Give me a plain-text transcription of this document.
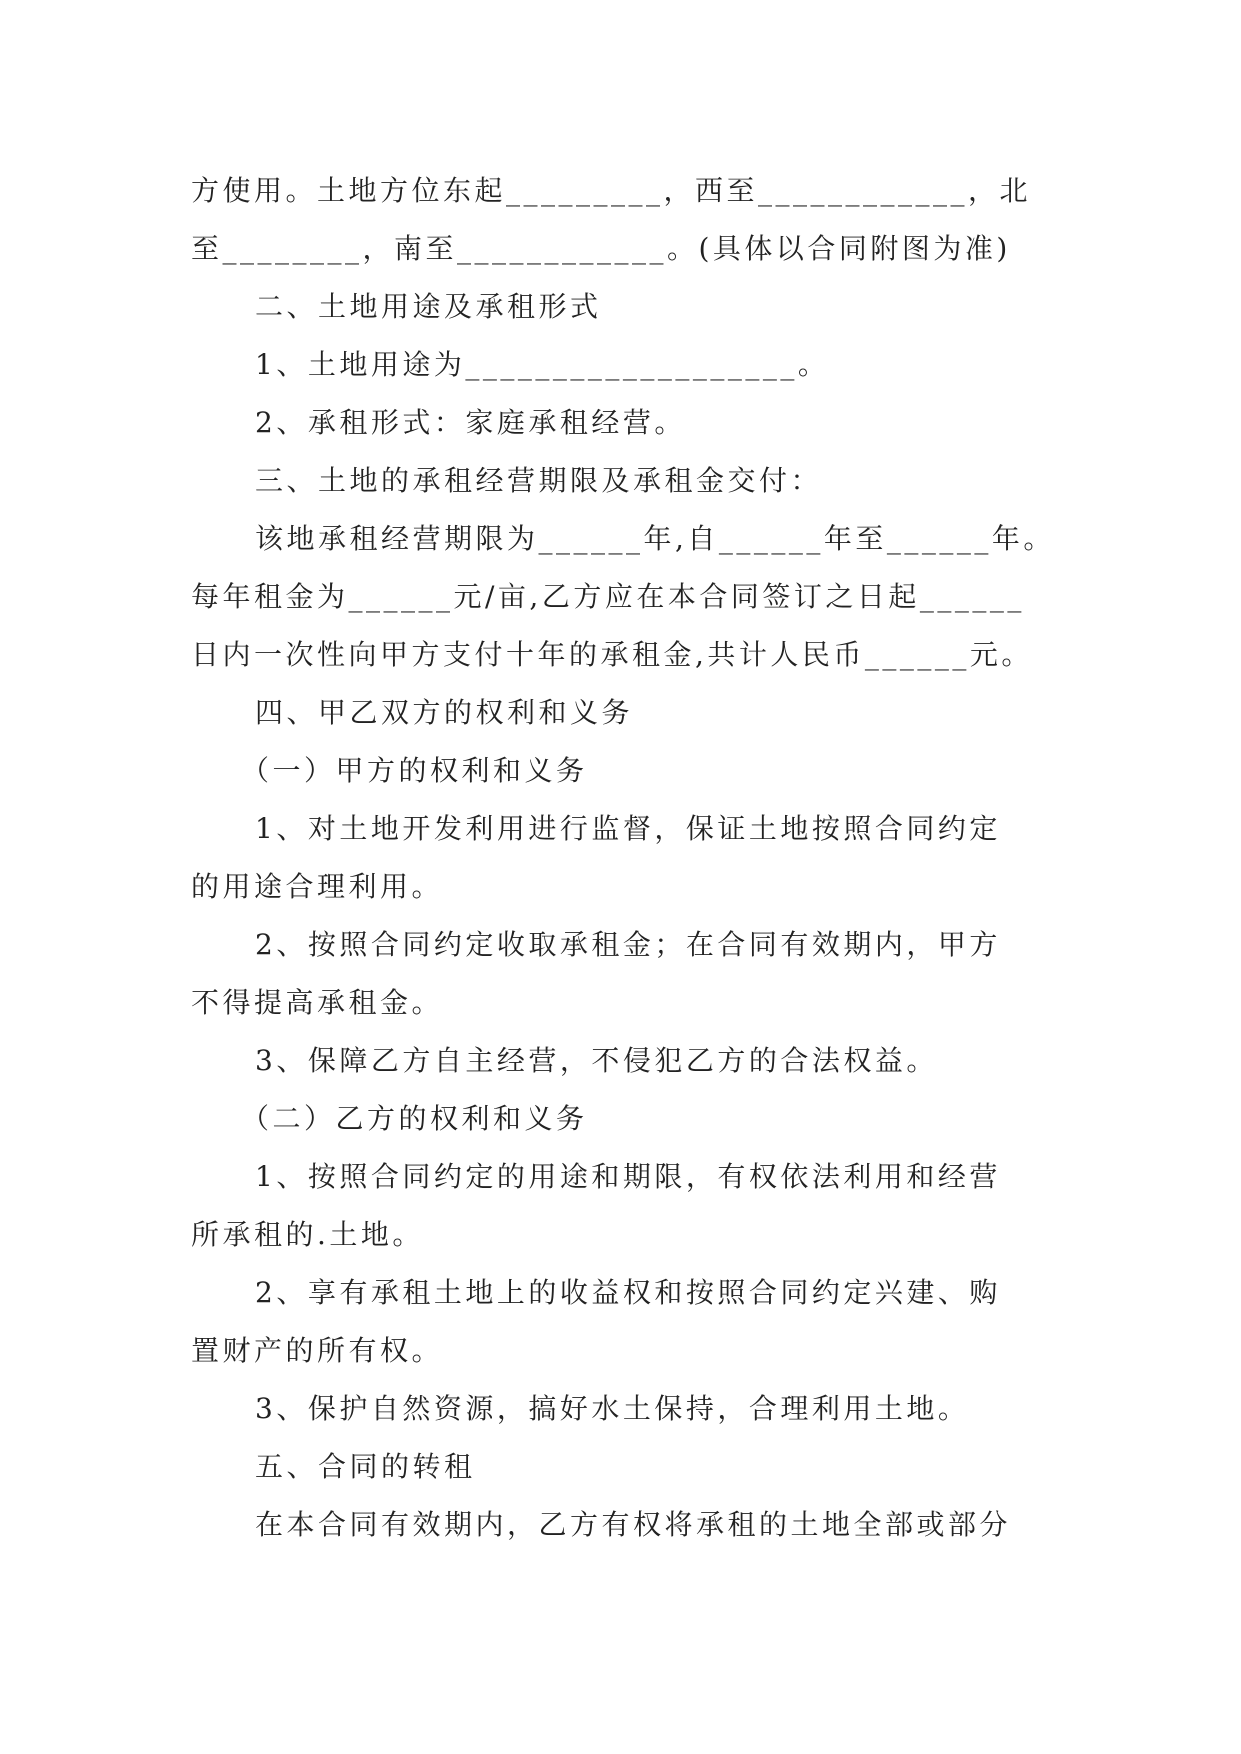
方使用。土地方位东起_________，西至____________，北
至________，南至____________。(具体以合同附图为准)
二、土地用途及承租形式
1、土地用途为___________________。
2、承租形式：家庭承租经营。
三、土地的承租经营期限及承租金交付：
该地承租经营期限为______年,自______年至______年。
每年租金为______元/亩,乙方应在本合同签订之日起______
日内一次性向甲方支付十年的承租金,共计人民币______元。
四、甲乙双方的权利和义务
（一）甲方的权利和义务
1、对土地开发利用进行监督，保证土地按照合同约定
的用途合理利用。
2、按照合同约定收取承租金；在合同有效期内，甲方
不得提高承租金。
3、保障乙方自主经营，不侵犯乙方的合法权益。
（二）乙方的权利和义务
1、按照合同约定的用途和期限，有权依法利用和经营
所承租的.土地。
2、享有承租土地上的收益权和按照合同约定兴建、购
置财产的所有权。
3、保护自然资源，搞好水土保持，合理利用土地。
五、合同的转租
在本合同有效期内，乙方有权将承租的土地全部或部分
